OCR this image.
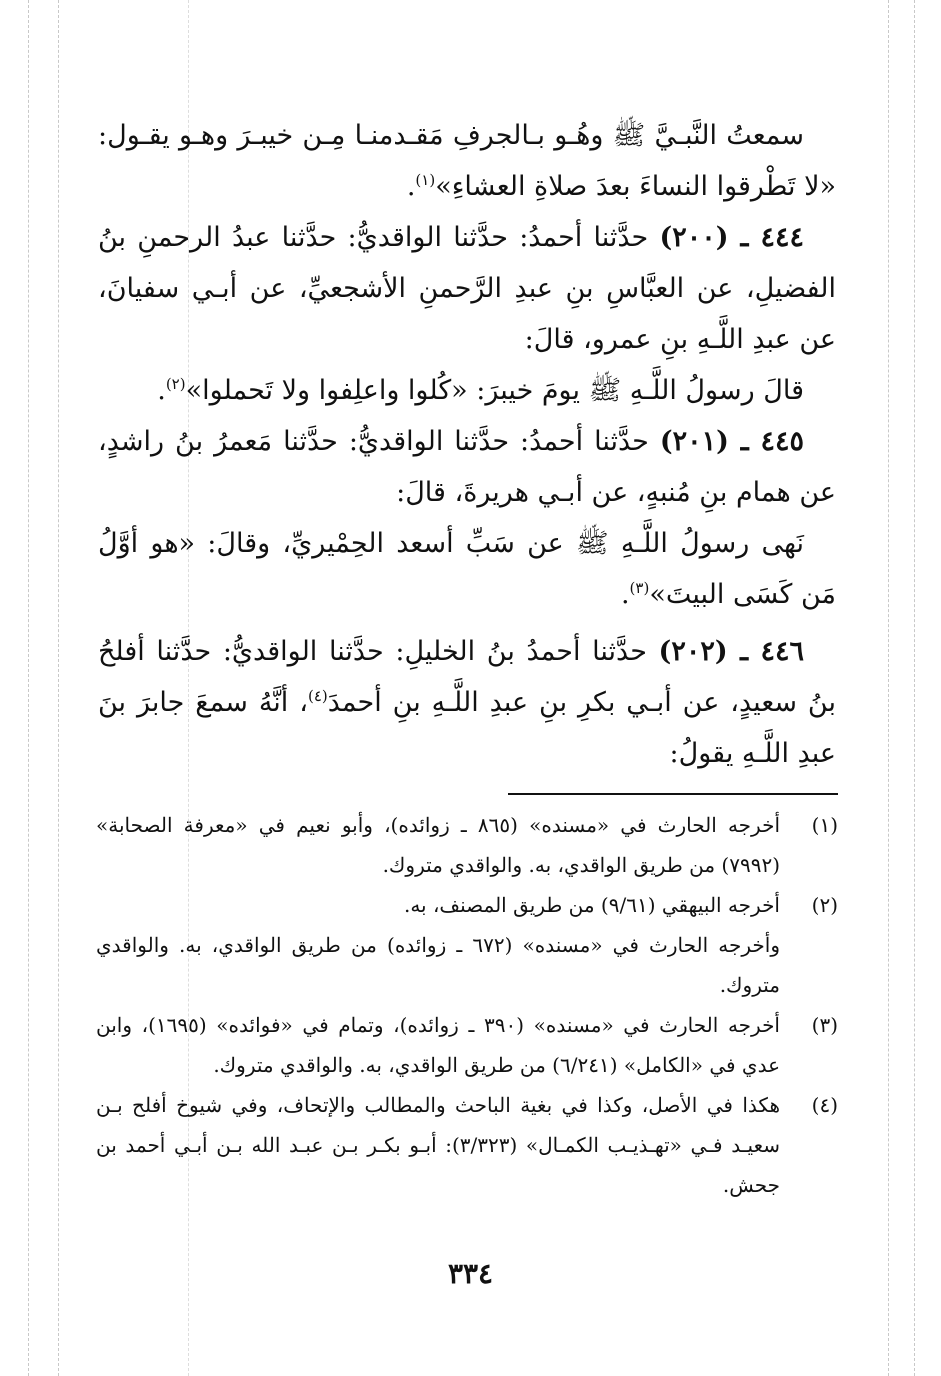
سمعتُ النَّبـيَّ ﷺ وهُـو بـالجرفِ مَقـدمنـا مِـن خيبـرَ وهـو يقـول: «لا تَطْرقوا النساءَ بعدَ صلاةِ العشاءِ»$^{(١)}$.

٤٤٤ ـ (٢٠٠) حدَّثنا أحمدُ: حدَّثنا الواقديُّ: حدَّثنا عبدُ الرحمنِ بنُ الفضيلِ، عن العبَّاسِ بنِ عبدِ الرَّحمنِ الأشجعيِّ، عن أبـي سفيانَ، عن عبدِ اللَّـهِ بنِ عمرو، قالَ:

قالَ رسولُ اللَّـهِ ﷺ يومَ خيبرَ: «كُلوا واعلِفوا ولا تَحملوا»$^{(٢)}$.

٤٤٥ ـ (٢٠١) حدَّثنا أحمدُ: حدَّثنا الواقديُّ: حدَّثنا مَعمرُ بنُ راشدٍ، عن همام بنِ مُنبهٍ، عن أبـي هريرةَ، قالَ:

نَهى رسولُ اللَّـهِ ﷺ عن سَبِّ أسعد الحِمْيريِّ، وقالَ: «هو أوَّلُ مَن كَسَى البيتَ»$^{(٣)}$.

٤٤٦ ـ (٢٠٢) حدَّثنا أحمدُ بنُ الخليلِ: حدَّثنا الواقديُّ: حدَّثنا أفلحُ بنُ سعيدٍ، عن أبـي بكرِ بنِ عبدِ اللَّـهِ بنِ أحمدَ$^{(٤)}$، أنَّهُ سمعَ جابرَ بنَ عبدِ اللَّـهِ يقولُ:

(١)

أخرجه الحارث في «مسنده» (٨٦٥ ـ زوائده)، وأبو نعيم في «معرفة الصحابة» (٧٩٩٢) من طريق الواقدي، به. والواقدي متروك.

(٢)

أخرجه البيهقي (٩/٦١) من طريق المصنف، به.

وأخرجه الحارث في «مسنده» (٦٧٢ ـ زوائده) من طريق الواقدي، به. والواقدي متروك.

(٣)

أخرجه الحارث في «مسنده» (٣٩٠ ـ زوائده)، وتمام في «فوائده» (١٦٩٥)، وابن عدي في «الكامل» (٦/٢٤١) من طريق الواقدي، به. والواقدي متروك.

(٤)

هكذا في الأصل، وكذا في بغية الباحث والمطالب والإتحاف، وفي شيوخ أفلح بـن سعيـد فـي «تهـذيـب الكمـال» (٣/٣٢٣): أبـو بكـر بـن عبـد الله بـن أبـي أحمد بن جحش.

٣٣٤
